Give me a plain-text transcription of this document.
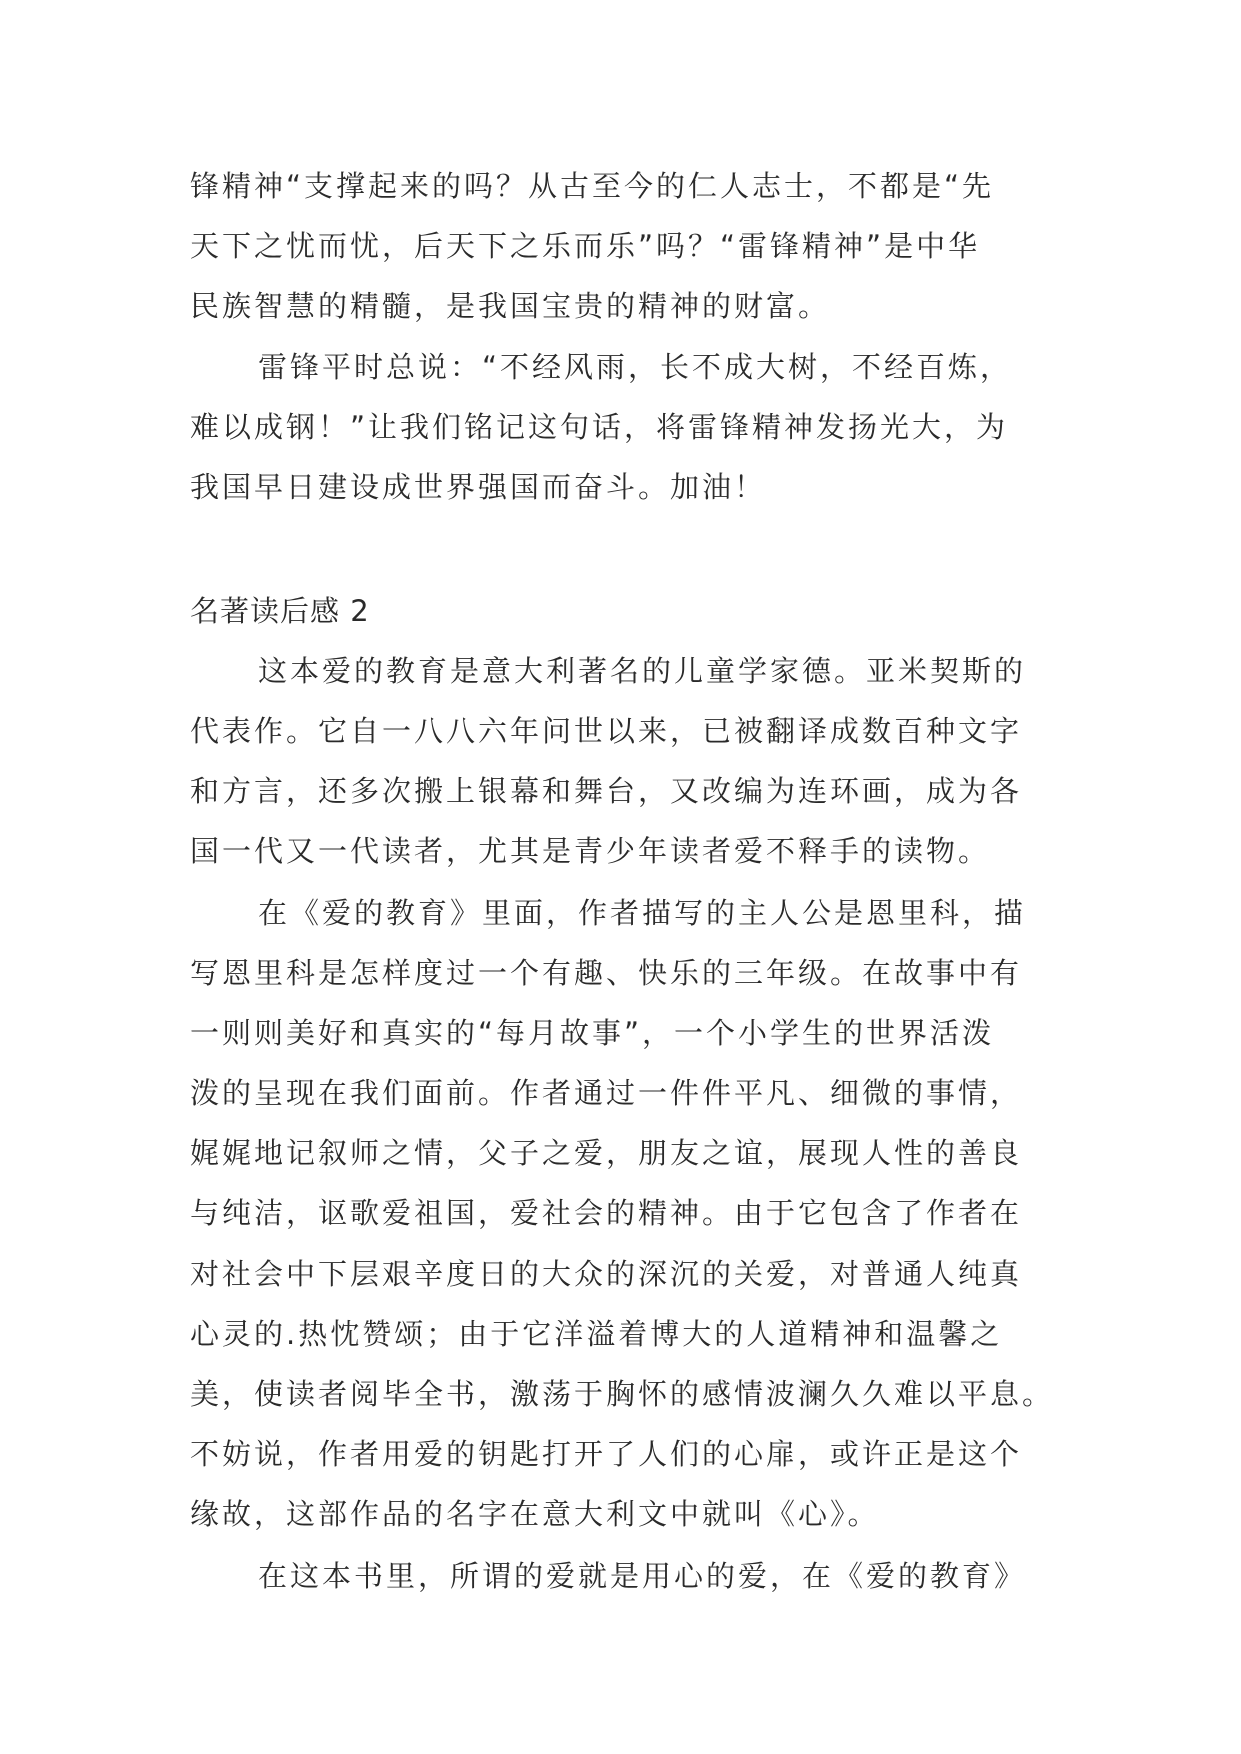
锋精神“支撑起来的吗？从古至今的仁人志士，不都是“先

天下之忧而忧，后天下之乐而乐”吗？“雷锋精神”是中华

民族智慧的精髓，是我国宝贵的精神的财富。

雷锋平时总说：“不经风雨，长不成大树，不经百炼，

难以成钢！”让我们铭记这句话，将雷锋精神发扬光大，为

我国早日建设成世界强国而奋斗。加油！

名著读后感 2

这本爱的教育是意大利著名的儿童学家德。亚米契斯的

代表作。它自一八八六年问世以来，已被翻译成数百种文字

和方言，还多次搬上银幕和舞台，又改编为连环画，成为各

国一代又一代读者，尤其是青少年读者爱不释手的读物。

在《爱的教育》里面，作者描写的主人公是恩里科，描

写恩里科是怎样度过一个有趣、快乐的三年级。在故事中有

一则则美好和真实的“每月故事”，一个小学生的世界活泼

泼的呈现在我们面前。作者通过一件件平凡、细微的事情，

娓娓地记叙师之情，父子之爱，朋友之谊，展现人性的善良

与纯洁，讴歌爱祖国，爱社会的精神。由于它包含了作者在

对社会中下层艰辛度日的大众的深沉的关爱，对普通人纯真

心灵的.热忱赞颂；由于它洋溢着博大的人道精神和温馨之

美，使读者阅毕全书，激荡于胸怀的感情波澜久久难以平息。

不妨说，作者用爱的钥匙打开了人们的心扉，或许正是这个

缘故，这部作品的名字在意大利文中就叫《心》。

在这本书里，所谓的爱就是用心的爱，在《爱的教育》
